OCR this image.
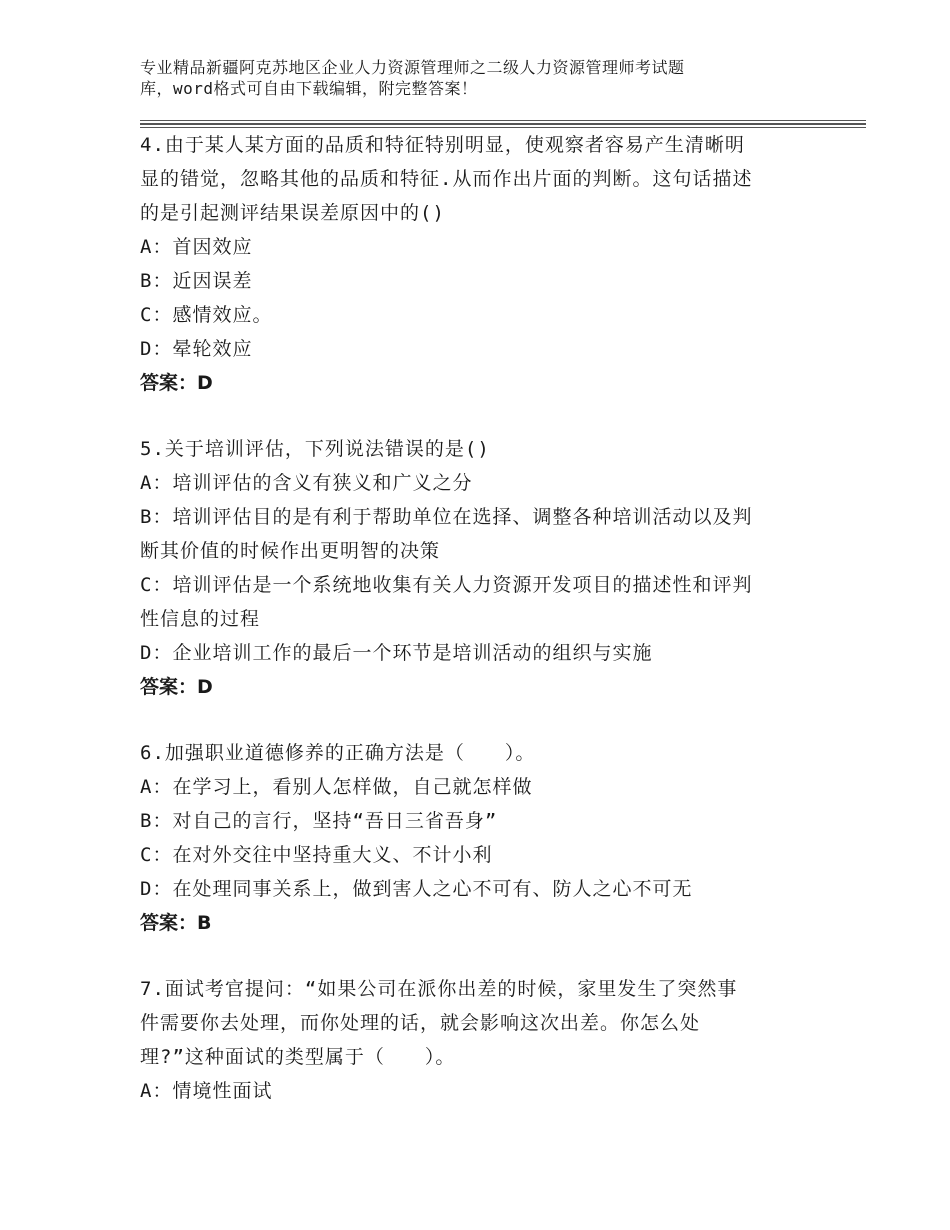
专业精品新疆阿克苏地区企业人力资源管理师之二级人力资源管理师考试题
库，word格式可自由下载编辑，附完整答案！
4.由于某人某方面的品质和特征特别明显，使观察者容易产生清晰明
显的错觉，忽略其他的品质和特征.从而作出片面的判断。这句话描述
的是引起测评结果误差原因中的()
A：首因效应
B：近因误差
C：感情效应。
D：晕轮效应
答案：D
5.关于培训评估，下列说法错误的是()
A：培训评估的含义有狭义和广义之分
B：培训评估目的是有利于帮助单位在选择、调整各种培训活动以及判
断其价值的时候作出更明智的决策
C：培训评估是一个系统地收集有关人力资源开发项目的描述性和评判
性信息的过程
D：企业培训工作的最后一个环节是培训活动的组织与实施
答案：D
6.加强职业道德修养的正确方法是（　　）。
A：在学习上，看别人怎样做，自己就怎样做
B：对自己的言行，坚持“吾日三省吾身”
C：在对外交往中坚持重大义、不计小利
D：在处理同事关系上，做到害人之心不可有、防人之心不可无
答案：B
7.面试考官提问：“如果公司在派你出差的时候，家里发生了突然事
件需要你去处理，而你处理的话，就会影响这次出差。你怎么处
理?”这种面试的类型属于（　　）。
A：情境性面试
